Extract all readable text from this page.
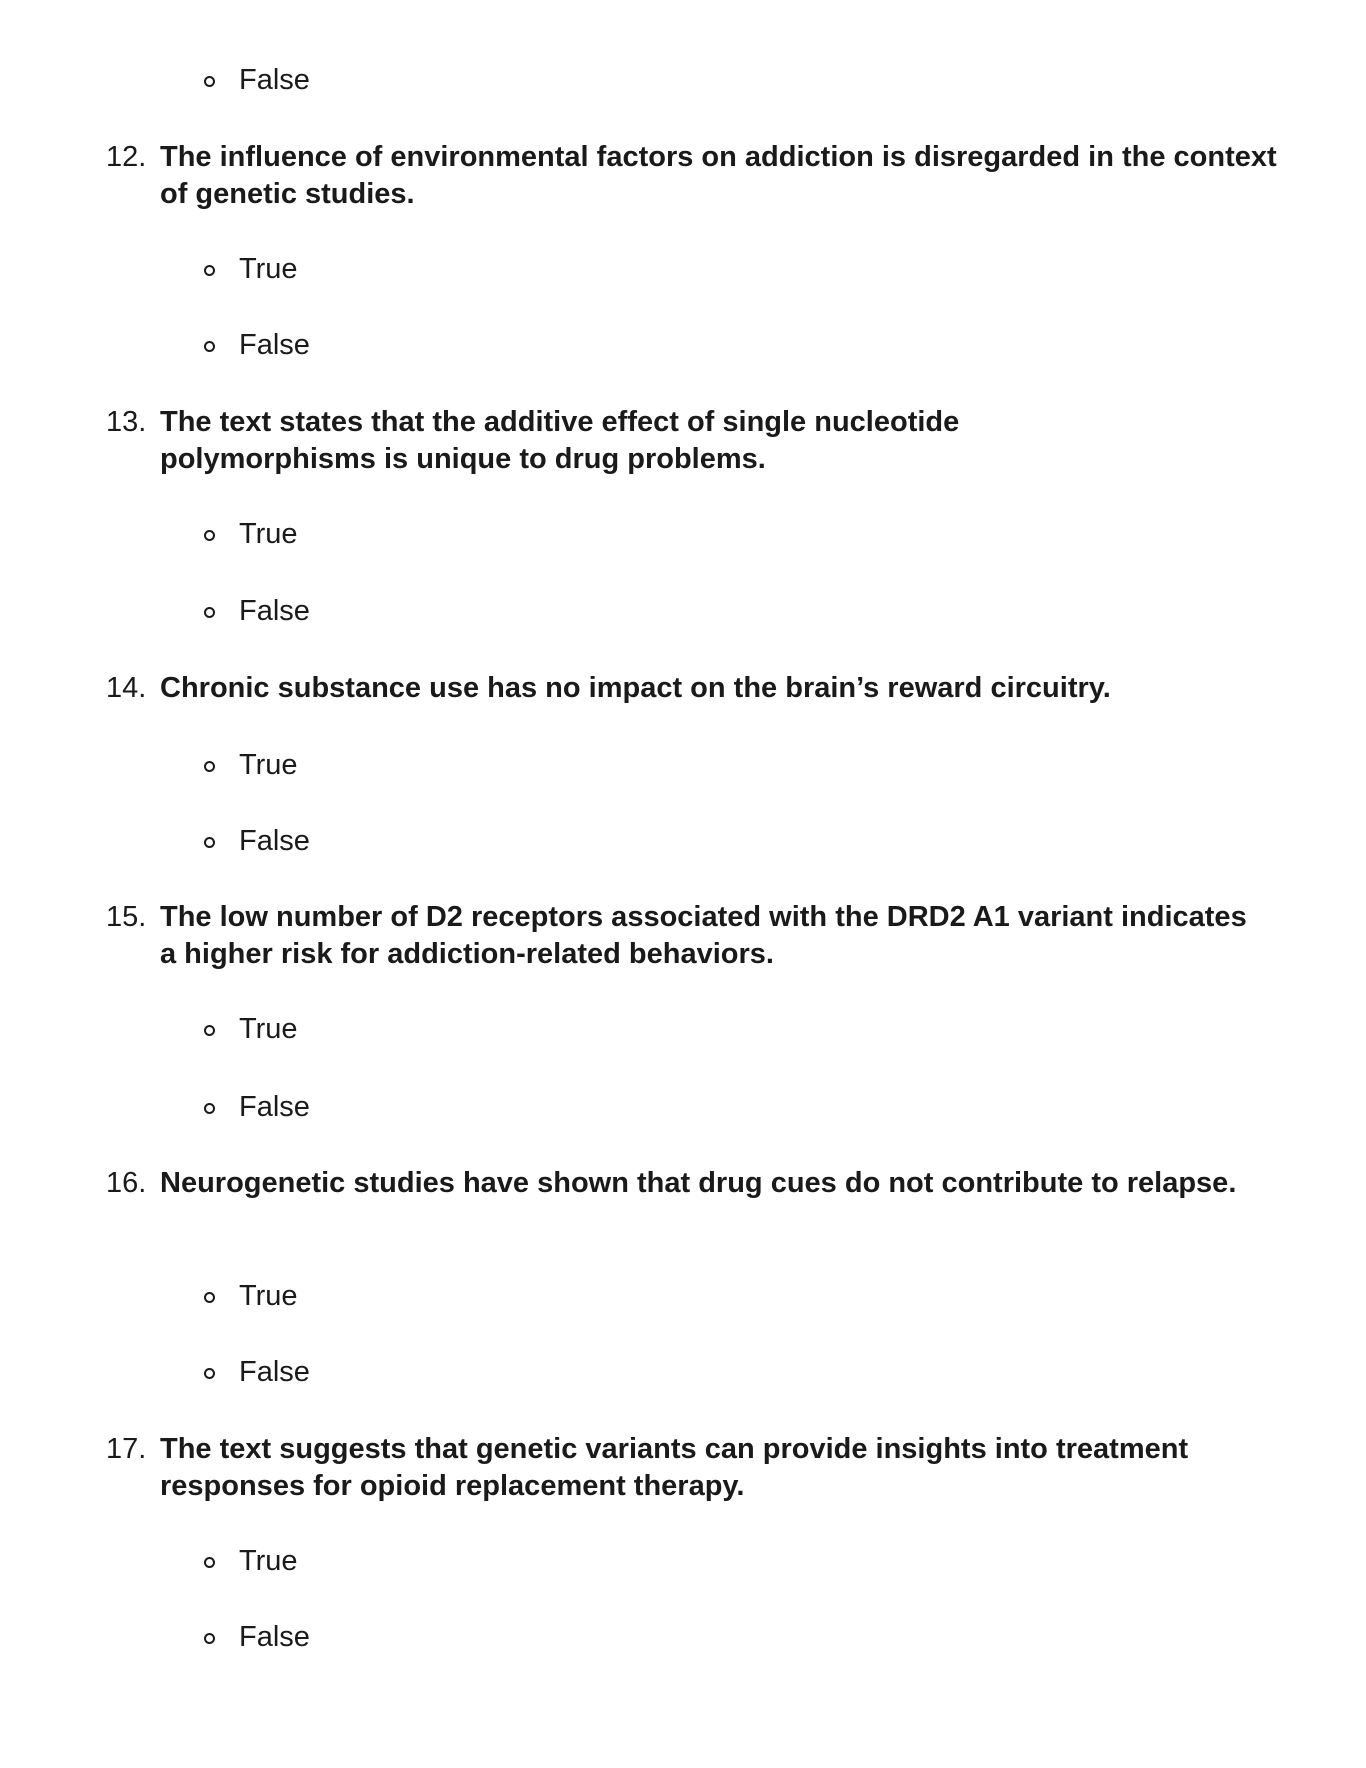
False
12. The influence of environmental factors on addiction is disregarded in the context of genetic studies.
True
False
13. The text states that the additive effect of single nucleotide polymorphisms is unique to drug problems.
True
False
14. Chronic substance use has no impact on the brain’s reward circuitry.
True
False
15. The low number of D2 receptors associated with the DRD2 A1 variant indicates a higher risk for addiction-related behaviors.
True
False
16. Neurogenetic studies have shown that drug cues do not contribute to relapse.
True
False
17. The text suggests that genetic variants can provide insights into treatment responses for opioid replacement therapy.
True
False
